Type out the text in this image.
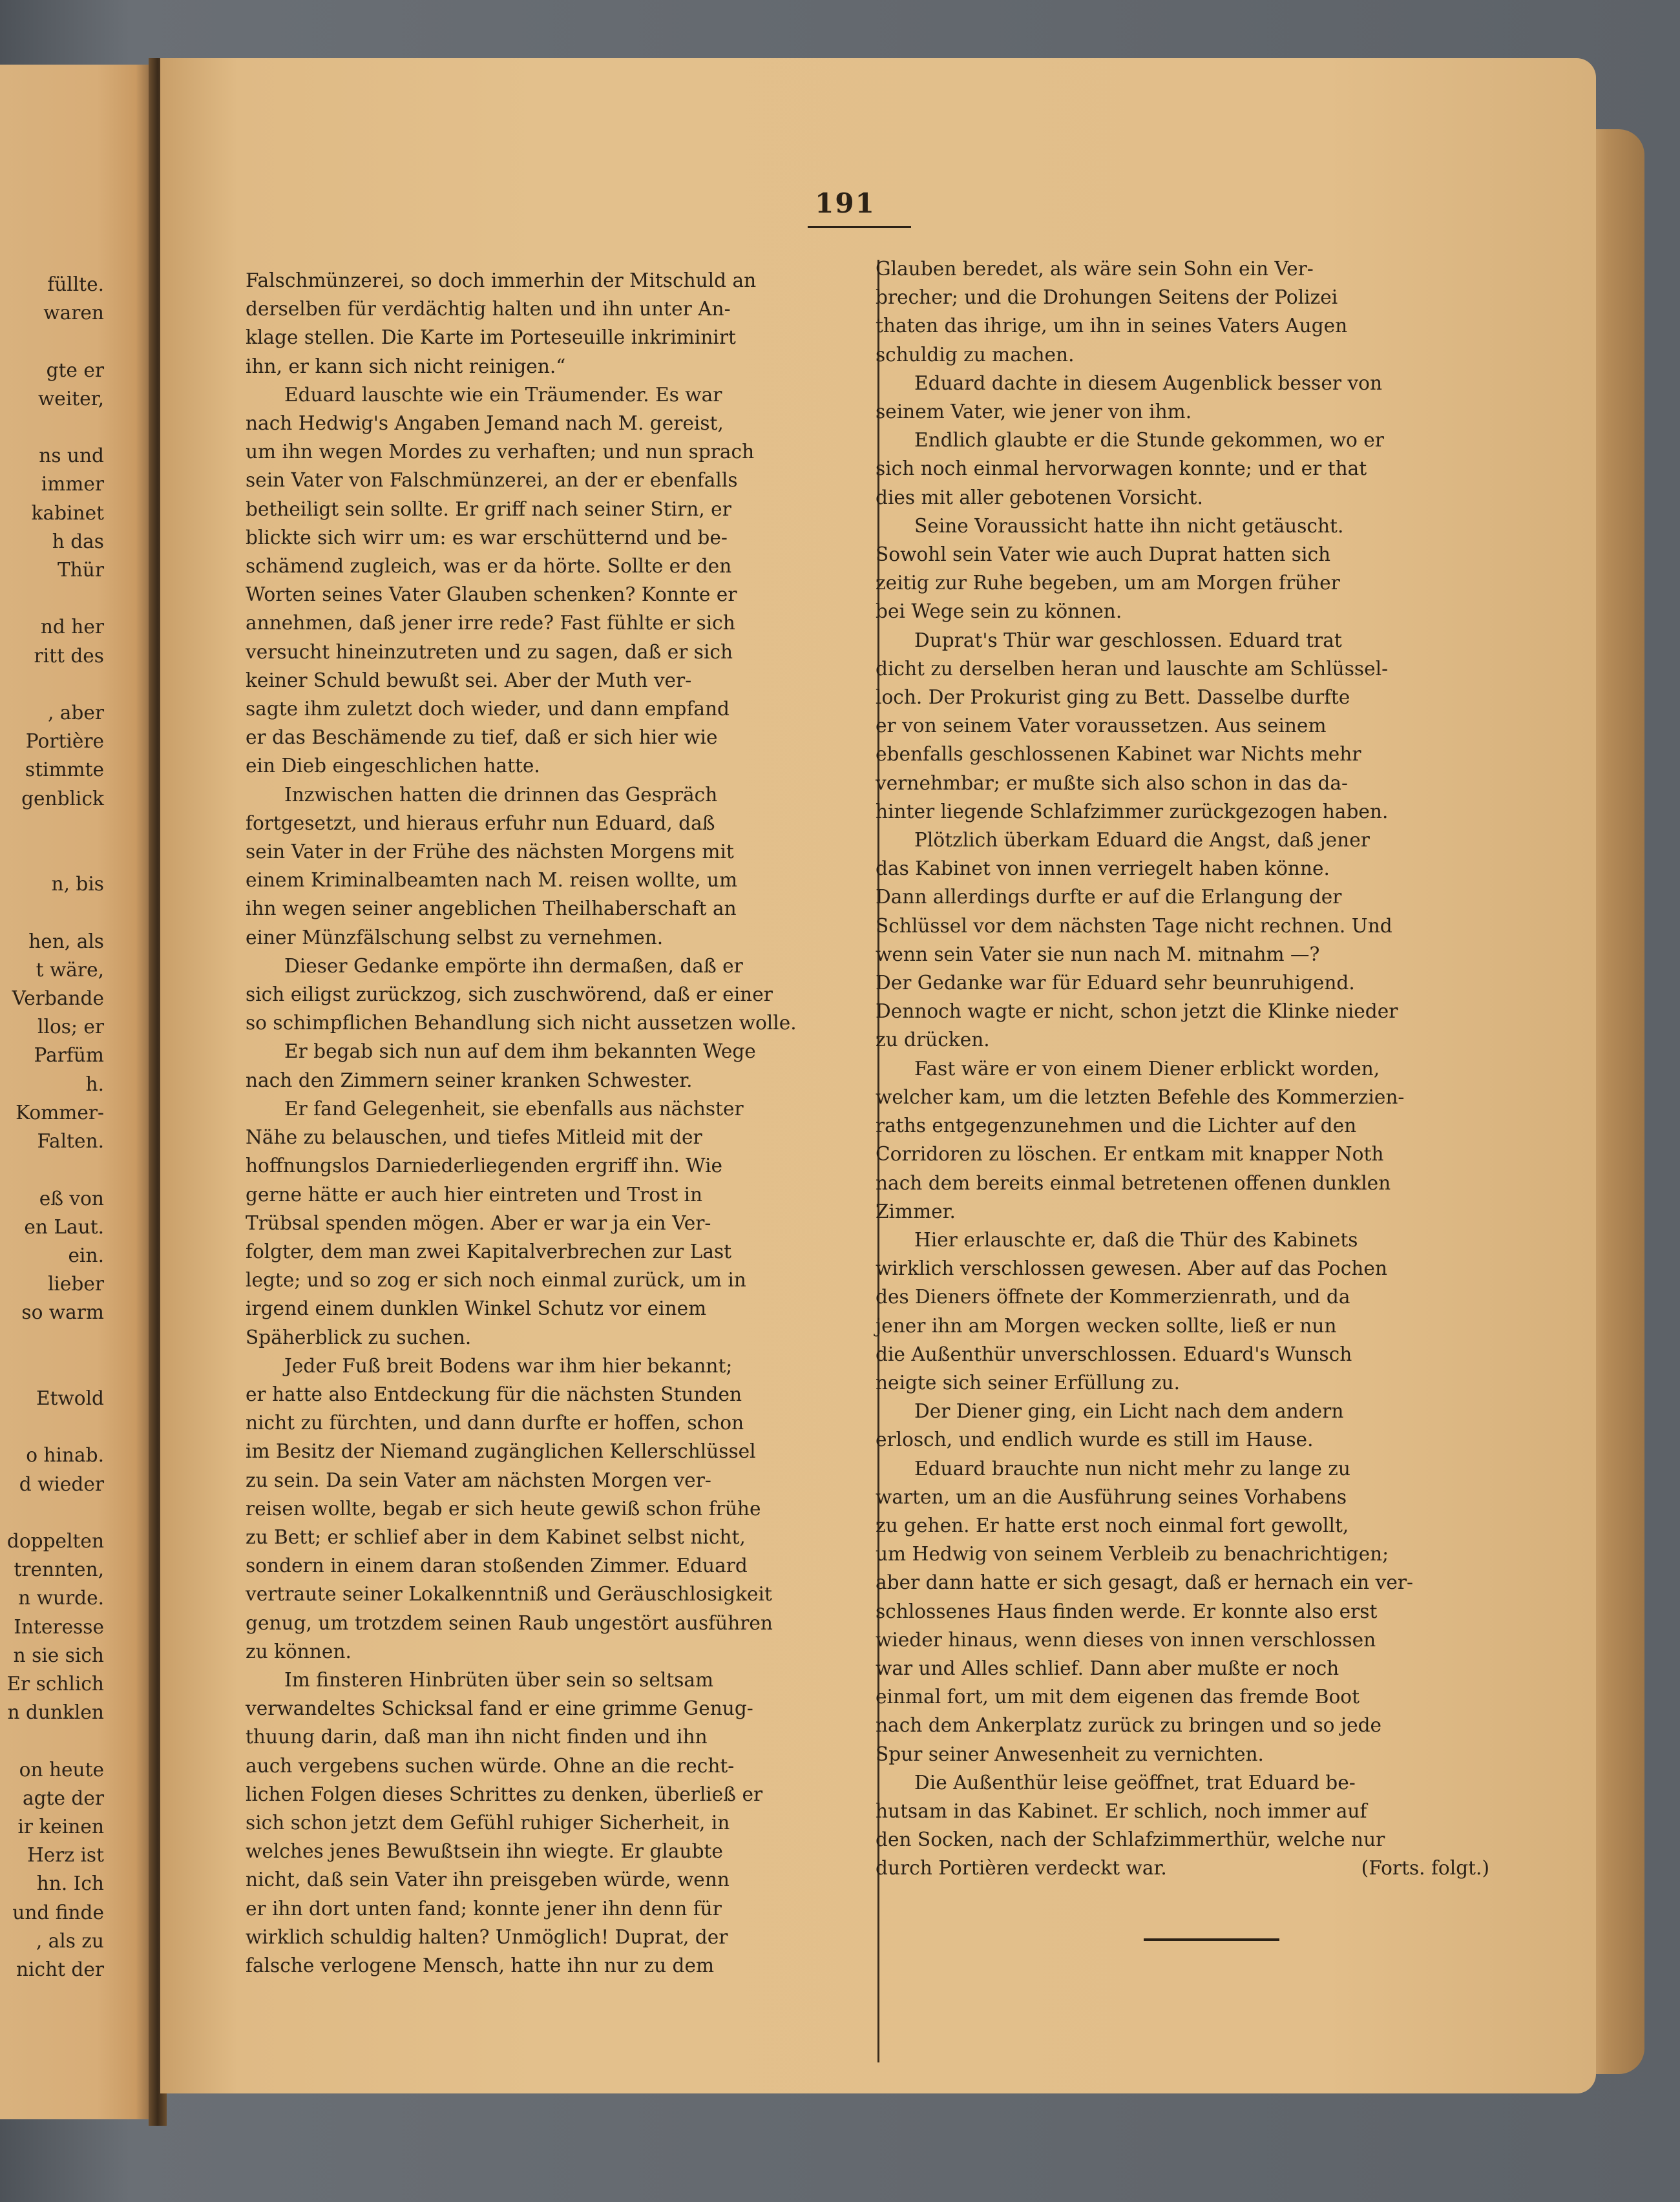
füllte.
waren

gte er
weiter,

ns und
immer
kabinet
h das
Thür

nd her
ritt des

, aber
Portière
stimmte
genblick

n, bis

hen, als
t wäre,
Verbande
llos; er
Parfüm
h.
Kommer-
Falten.

eß von
en Laut.
ein.
lieber
so warm

Etwold

o hinab.
d wieder

doppelten
trennten,
n wurde.
Interesse
n sie sich
Er schlich
n dunklen

on heute
agte der
ir keinen
Herz ist
hn. Ich
und finde
, als zu
nicht der
191
Falschmünzerei, so doch immerhin der Mitschuld an
derselben für verdächtig halten und ihn unter An-
klage stellen. Die Karte im Porteseuille inkriminirt
ihn, er kann sich nicht reinigen.“
Eduard lauschte wie ein Träumender. Es war
nach Hedwig's Angaben Jemand nach M. gereist,
um ihn wegen Mordes zu verhaften; und nun sprach
sein Vater von Falschmünzerei, an der er ebenfalls
betheiligt sein sollte. Er griff nach seiner Stirn, er
blickte sich wirr um: es war erschütternd und be-
schämend zugleich, was er da hörte. Sollte er den
Worten seines Vater Glauben schenken? Konnte er
annehmen, daß jener irre rede? Fast fühlte er sich
versucht hineinzutreten und zu sagen, daß er sich
keiner Schuld bewußt sei. Aber der Muth ver-
sagte ihm zuletzt doch wieder, und dann empfand
er das Beschämende zu tief, daß er sich hier wie
ein Dieb eingeschlichen hatte.
Inzwischen hatten die drinnen das Gespräch
fortgesetzt, und hieraus erfuhr nun Eduard, daß
sein Vater in der Frühe des nächsten Morgens mit
einem Kriminalbeamten nach M. reisen wollte, um
ihn wegen seiner angeblichen Theilhaberschaft an
einer Münzfälschung selbst zu vernehmen.
Dieser Gedanke empörte ihn dermaßen, daß er
sich eiligst zurückzog, sich zuschwörend, daß er einer
so schimpflichen Behandlung sich nicht aussetzen wolle.
Er begab sich nun auf dem ihm bekannten Wege
nach den Zimmern seiner kranken Schwester.
Er fand Gelegenheit, sie ebenfalls aus nächster
Nähe zu belauschen, und tiefes Mitleid mit der
hoffnungslos Darniederliegenden ergriff ihn. Wie
gerne hätte er auch hier eintreten und Trost in
Trübsal spenden mögen. Aber er war ja ein Ver-
folgter, dem man zwei Kapitalverbrechen zur Last
legte; und so zog er sich noch einmal zurück, um in
irgend einem dunklen Winkel Schutz vor einem
Späherblick zu suchen.
Jeder Fuß breit Bodens war ihm hier bekannt;
er hatte also Entdeckung für die nächsten Stunden
nicht zu fürchten, und dann durfte er hoffen, schon
im Besitz der Niemand zugänglichen Kellerschlüssel
zu sein. Da sein Vater am nächsten Morgen ver-
reisen wollte, begab er sich heute gewiß schon frühe
zu Bett; er schlief aber in dem Kabinet selbst nicht,
sondern in einem daran stoßenden Zimmer. Eduard
vertraute seiner Lokalkenntniß und Geräuschlosigkeit
genug, um trotzdem seinen Raub ungestört ausführen
zu können.
Im finsteren Hinbrüten über sein so seltsam
verwandeltes Schicksal fand er eine grimme Genug-
thuung darin, daß man ihn nicht finden und ihn
auch vergebens suchen würde. Ohne an die recht-
lichen Folgen dieses Schrittes zu denken, überließ er
sich schon jetzt dem Gefühl ruhiger Sicherheit, in
welches jenes Bewußtsein ihn wiegte. Er glaubte
nicht, daß sein Vater ihn preisgeben würde, wenn
er ihn dort unten fand; konnte jener ihn denn für
wirklich schuldig halten? Unmöglich! Duprat, der
falsche verlogene Mensch, hatte ihn nur zu dem
Glauben beredet, als wäre sein Sohn ein Ver-
brecher; und die Drohungen Seitens der Polizei
thaten das ihrige, um ihn in seines Vaters Augen
schuldig zu machen.
Eduard dachte in diesem Augenblick besser von
seinem Vater, wie jener von ihm.
Endlich glaubte er die Stunde gekommen, wo er
sich noch einmal hervorwagen konnte; und er that
dies mit aller gebotenen Vorsicht.
Seine Voraussicht hatte ihn nicht getäuscht.
Sowohl sein Vater wie auch Duprat hatten sich
zeitig zur Ruhe begeben, um am Morgen früher
bei Wege sein zu können.
Duprat's Thür war geschlossen. Eduard trat
dicht zu derselben heran und lauschte am Schlüssel-
loch. Der Prokurist ging zu Bett. Dasselbe durfte
er von seinem Vater voraussetzen. Aus seinem
ebenfalls geschlossenen Kabinet war Nichts mehr
vernehmbar; er mußte sich also schon in das da-
hinter liegende Schlafzimmer zurückgezogen haben.
Plötzlich überkam Eduard die Angst, daß jener
das Kabinet von innen verriegelt haben könne.
Dann allerdings durfte er auf die Erlangung der
Schlüssel vor dem nächsten Tage nicht rechnen. Und
wenn sein Vater sie nun nach M. mitnahm —?
Der Gedanke war für Eduard sehr beunruhigend.
Dennoch wagte er nicht, schon jetzt die Klinke nieder
zu drücken.
Fast wäre er von einem Diener erblickt worden,
welcher kam, um die letzten Befehle des Kommerzien-
raths entgegenzunehmen und die Lichter auf den
Corridoren zu löschen. Er entkam mit knapper Noth
nach dem bereits einmal betretenen offenen dunklen
Zimmer.
Hier erlauschte er, daß die Thür des Kabinets
wirklich verschlossen gewesen. Aber auf das Pochen
des Dieners öffnete der Kommerzienrath, und da
jener ihn am Morgen wecken sollte, ließ er nun
die Außenthür unverschlossen. Eduard's Wunsch
neigte sich seiner Erfüllung zu.
Der Diener ging, ein Licht nach dem andern
erlosch, und endlich wurde es still im Hause.
Eduard brauchte nun nicht mehr zu lange zu
warten, um an die Ausführung seines Vorhabens
zu gehen. Er hatte erst noch einmal fort gewollt,
um Hedwig von seinem Verbleib zu benachrichtigen;
aber dann hatte er sich gesagt, daß er hernach ein ver-
schlossenes Haus finden werde. Er konnte also erst
wieder hinaus, wenn dieses von innen verschlossen
war und Alles schlief. Dann aber mußte er noch
einmal fort, um mit dem eigenen das fremde Boot
nach dem Ankerplatz zurück zu bringen und so jede
Spur seiner Anwesenheit zu vernichten.
Die Außenthür leise geöffnet, trat Eduard be-
hutsam in das Kabinet. Er schlich, noch immer auf
den Socken, nach der Schlafzimmerthür, welche nur
durch Portièren verdeckt war.	(Forts. folgt.)
